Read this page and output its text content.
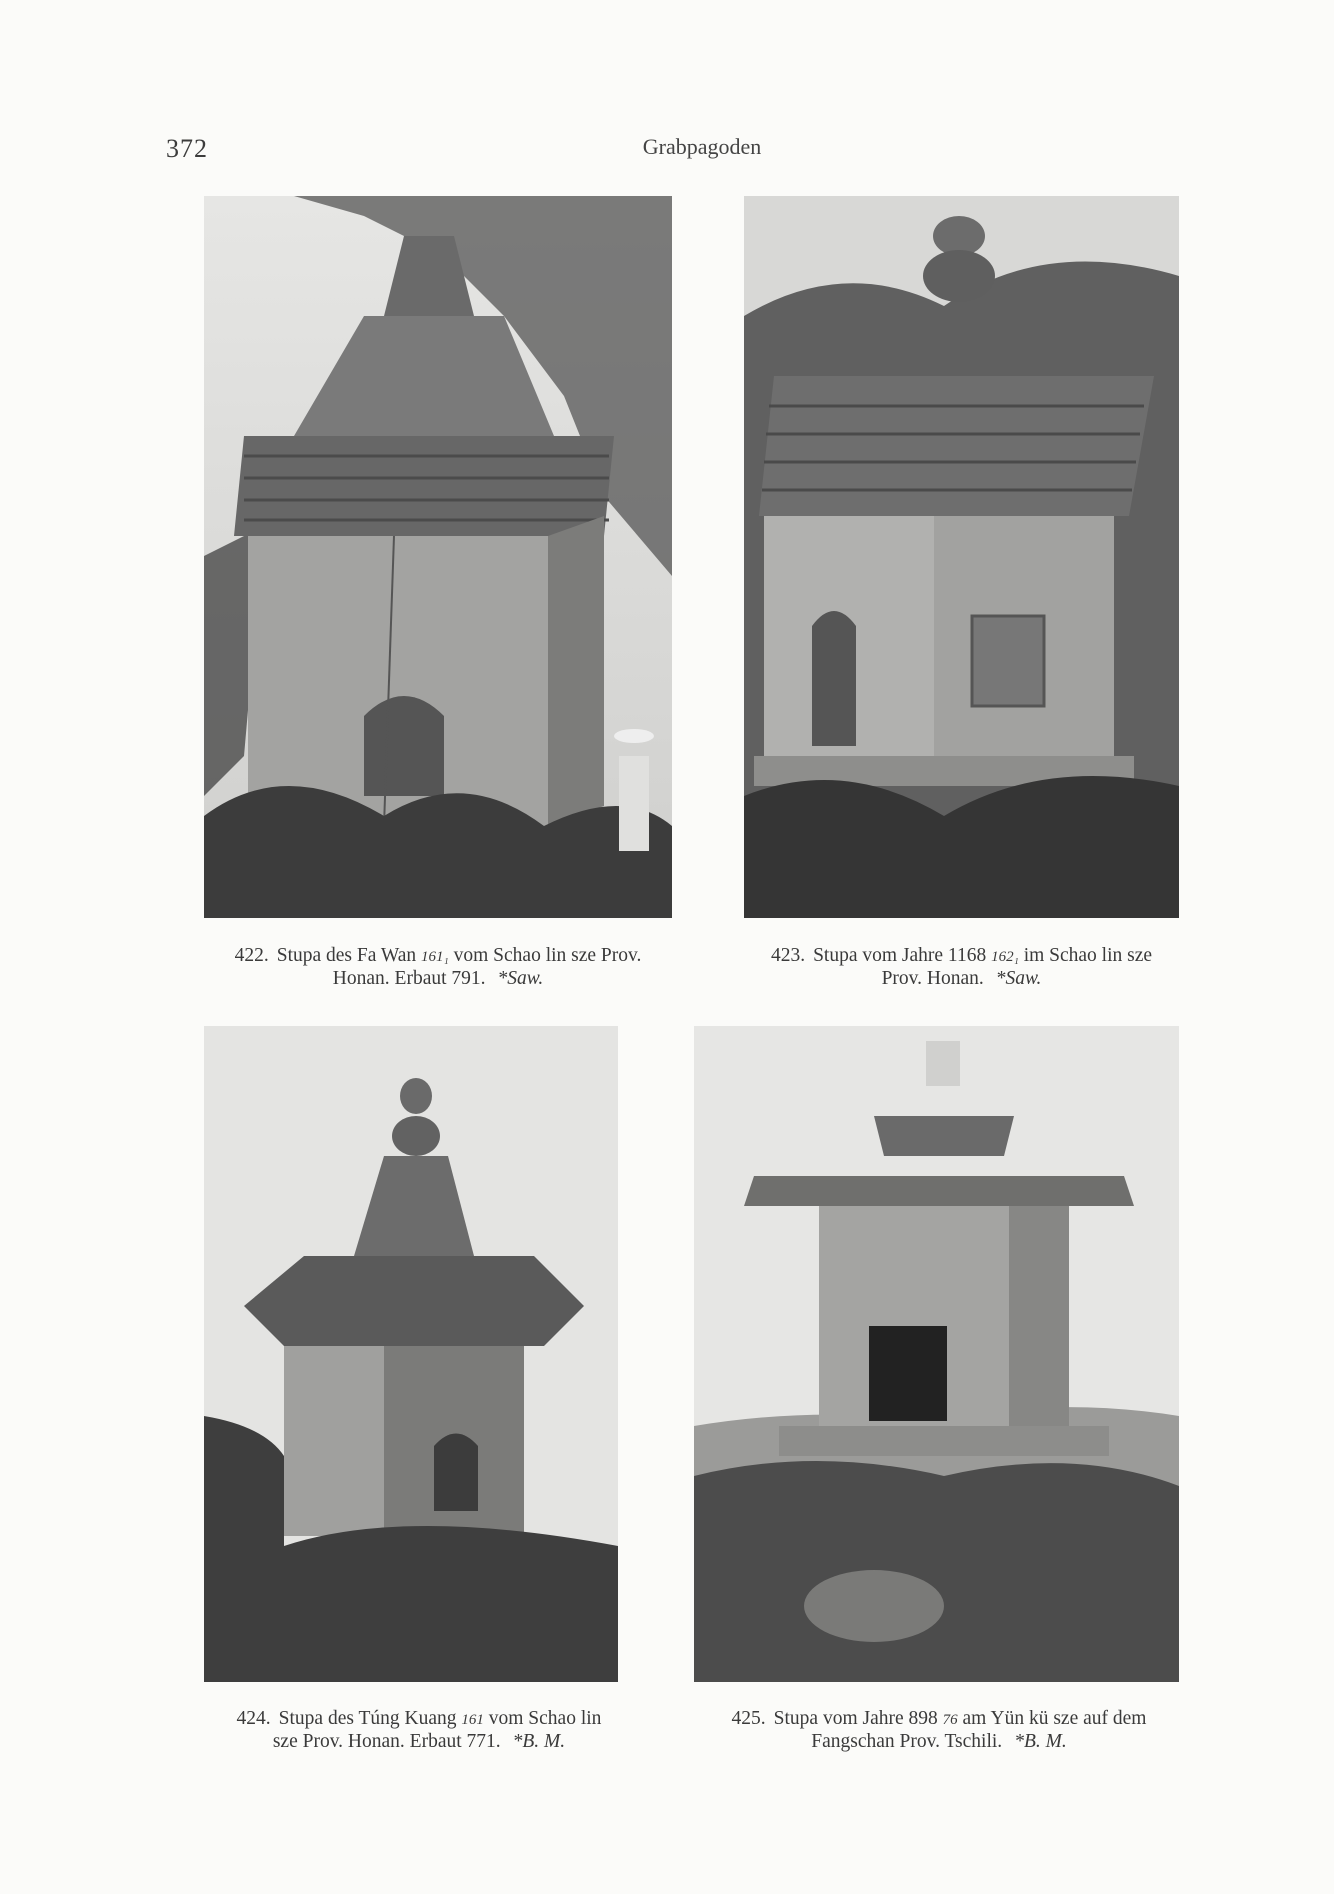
372	Grabpagoden
422. Stupa des Fa Wan 161₁ vom Schao lin sze Prov.
Honan. Erbaut 791. *Saw.
423. Stupa vom Jahre 1168 162₁ im Schao lin sze
Prov. Honan. *Saw.
424. Stupa des Túng Kuang 161 vom Schao lin
sze Prov. Honan. Erbaut 771. *B. M.
425. Stupa vom Jahre 898 76 am Yün kü sze auf dem
Fangschan Prov. Tschili. *B. M.
